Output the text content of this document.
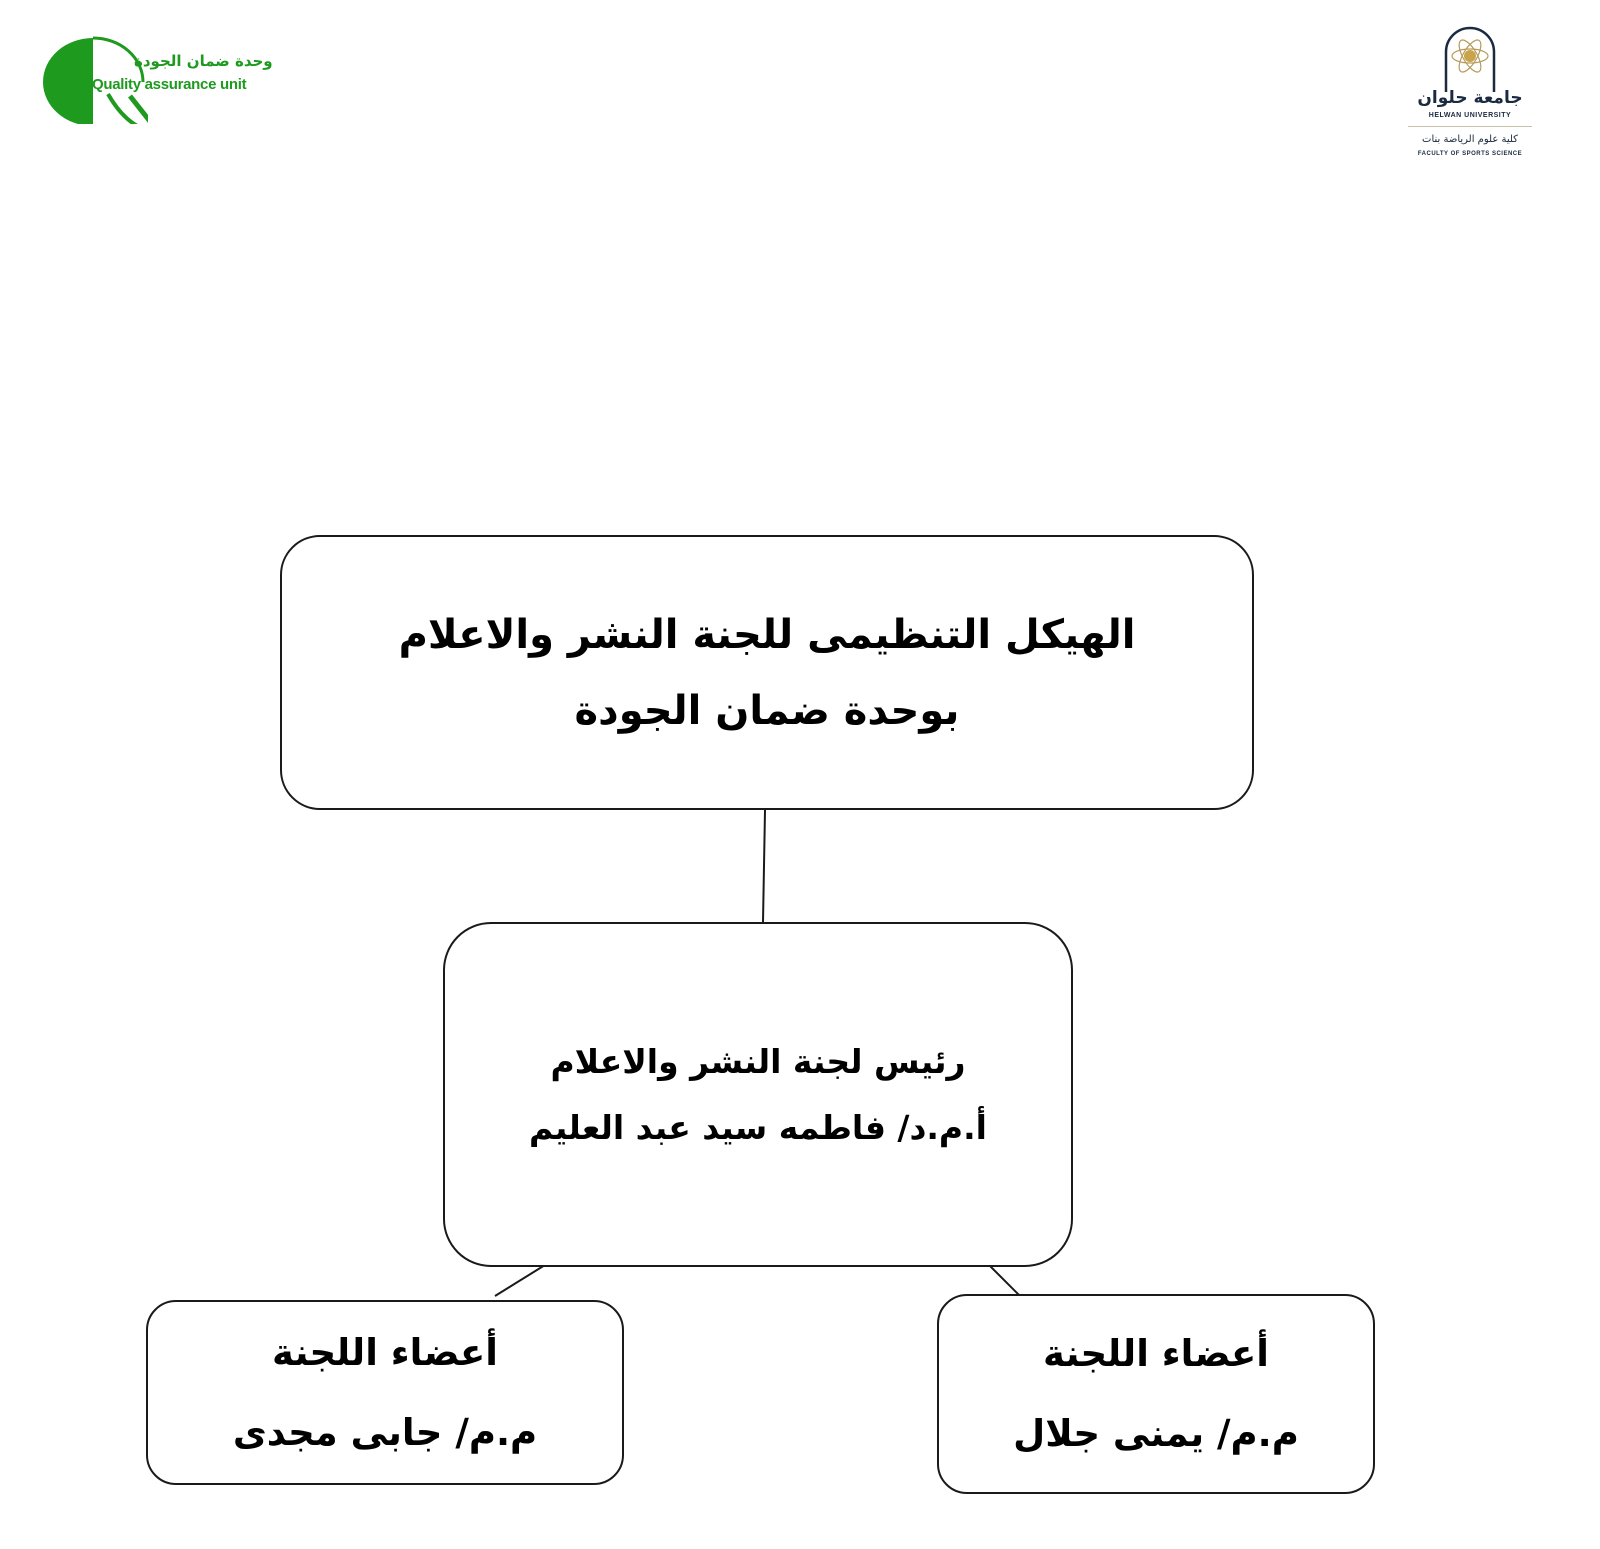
وحدة ضمان الجودة
Quality assurance unit
جامعة حلوان
HELWAN UNIVERSITY
كلية علوم الرياضة بنات
FACULTY OF SPORTS SCIENCE
الهيكل التنظيمى للجنة النشر والاعلام
بوحدة ضمان الجودة
رئيس لجنة النشر والاعلام
أ.م.د/ فاطمه سيد عبد العليم
أعضاء اللجنة
م.م/ يمنى جلال
أعضاء اللجنة
م.م/ جابى مجدى
